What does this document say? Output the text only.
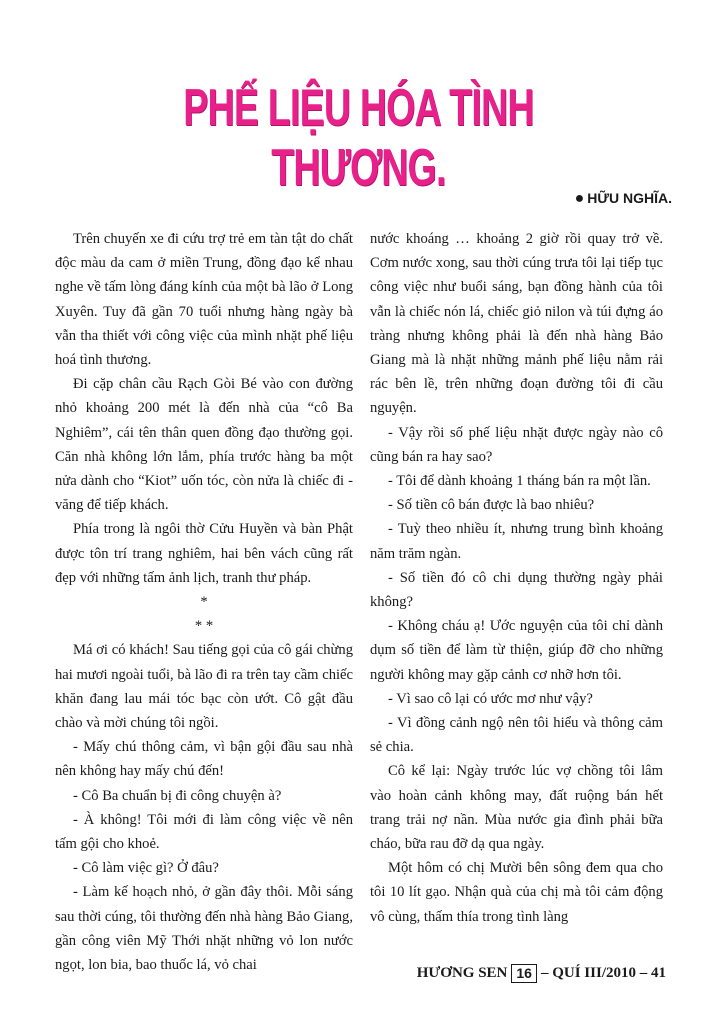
PHẾ LIỆU HÓA TÌNH THƯƠNG.
● HỮU NGHĨA.

Trên chuyến xe đi cứu trợ trẻ em tàn tật do chất độc màu da cam ở miền Trung, đồng đạo kể nhau nghe về tấm lòng đáng kính của một bà lão ở Long Xuyên. Tuy đã gần 70 tuổi nhưng hàng ngày bà vẫn tha thiết với công việc của mình nhặt phế liệu hoá tình thương.

Đi cặp chân cầu Rạch Gòi Bé vào con đường nhỏ khoảng 200 mét là đến nhà của “cô Ba Nghiêm”, cái tên thân quen đồng đạo thường gọi. Căn nhà không lớn lắm, phía trước hàng ba một nửa dành cho “Kiot” uốn tóc, còn nửa là chiếc đi - văng để tiếp khách.

Phía trong là ngôi thờ Cửu Huyền và bàn Phật được tôn trí trang nghiêm, hai bên vách cũng rất đẹp với những tấm ảnh lịch, tranh thư pháp.

*

* *

Má ơi có khách! Sau tiếng gọi của cô gái chừng hai mươi ngoài tuổi, bà lão đi ra trên tay cầm chiếc khăn đang lau mái tóc bạc còn ướt. Cô gật đầu chào và mời chúng tôi ngồi.

- Mấy chú thông cảm, vì bận gội đầu sau nhà nên không hay mấy chú đến!

- Cô Ba chuẩn bị đi công chuyện à?

- À không! Tôi mới đi làm công việc về nên tấm gội cho khoẻ.

- Cô làm việc gì? Ở đâu?

- Làm kế hoạch nhỏ, ở gần đây thôi. Mỗi sáng sau thời cúng, tôi thường đến nhà hàng Bảo Giang, gần công viên Mỹ Thới nhặt những vỏ lon nước ngọt, lon bia, bao thuốc lá, vỏ chai

nước khoáng … khoảng 2 giờ rồi quay trở về. Cơm nước xong, sau thời cúng trưa tôi lại tiếp tục công việc như buổi sáng, bạn đồng hành của tôi vẫn là chiếc nón lá, chiếc giỏ nilon và túi đựng áo tràng nhưng không phải là đến nhà hàng Bảo Giang mà là nhặt những mảnh phế liệu nằm rải rác bên lề, trên những đoạn đường tôi đi cầu nguyện.

- Vậy rồi số phế liệu nhặt được ngày nào cô cũng bán ra hay sao?

- Tôi để dành khoảng 1 tháng bán ra một lần.

- Số tiền cô bán được là bao nhiêu?

- Tuỳ theo nhiều ít, nhưng trung bình khoảng năm trăm ngàn.

- Số tiền đó cô chi dụng thường ngày phải không?

- Không cháu ạ! Ước nguyện của tôi chỉ dành dụm số tiền để làm từ thiện, giúp đỡ cho những người không may gặp cảnh cơ nhỡ hơn tôi.

- Vì sao cô lại có ước mơ như vậy?

- Vì đồng cảnh ngộ nên tôi hiểu và thông cảm sẻ chia.

Cô kể lại: Ngày trước lúc vợ chồng tôi lâm vào hoàn cảnh không may, đất ruộng bán hết trang trải nợ nần. Mùa nước gia đình phải bữa cháo, bữa rau đỡ dạ qua ngày.

Một hôm có chị Mười bên sông đem qua cho tôi 10 lít gạo. Nhận quà của chị mà tôi cảm động vô cùng, thấm thía trong tình làng

HƯƠNG SEN 16 – QUÍ III/2010 – 41
